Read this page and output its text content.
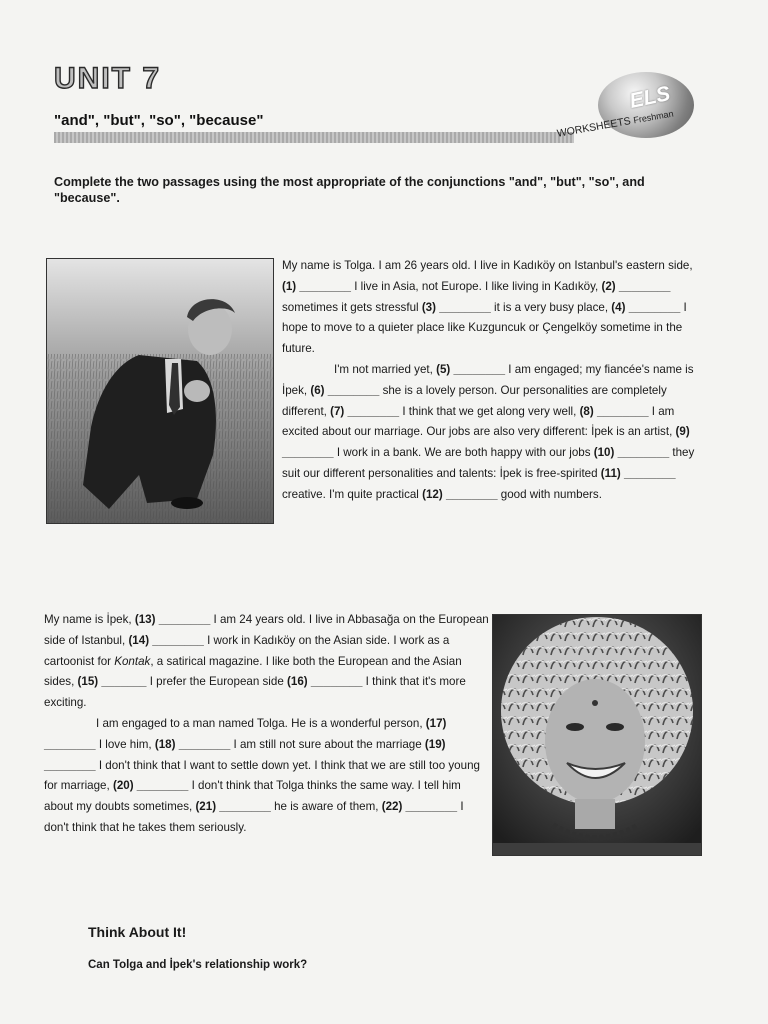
UNIT 7
"and", "but", "so", "because"
ELS
WORKSHEETS Freshman
Complete the two passages using the most appropriate of the conjunctions "and", "but", "so", and "because".

My name is Tolga. I am 26 years old. I live in Kadıköy on Istanbul's eastern side, (1) ________ I live in Asia, not Europe. I like living in Kadıköy, (2) ________ sometimes it gets stressful (3) ________ it is a very busy place, (4) ________ I hope to move to a quieter place like Kuzguncuk or Çengelköy sometime in the future.

I'm not married yet, (5) ________ I am engaged; my fiancée's name is İpek, (6) ________ she is a lovely person. Our personalities are completely different, (7) ________ I think that we get along very well, (8) ________ I am excited about our marriage. Our jobs are also very different: İpek is an artist, (9) ________ I work in a bank. We are both happy with our jobs (10) ________ they suit our different personalities and talents: İpek is free-spirited (11) ________ creative. I'm quite practical (12) ________ good with numbers.

My name is İpek, (13) ________ I am 24 years old. I live in Abbasağa on the European side of Istanbul, (14) ________ I work in Kadıköy on the Asian side. I work as a cartoonist for Kontak, a satirical magazine. I like both the European and the Asian sides, (15) _______ I prefer the European side (16) ________ I think that it's more exciting.

I am engaged to a man named Tolga. He is a wonderful person, (17) ________ I love him, (18) ________ I am still not sure about the marriage (19) ________ I don't think that I want to settle down yet. I think that we are still too young for marriage, (20) ________ I don't think that Tolga thinks the same way. I tell him about my doubts sometimes, (21) ________ he is aware of them, (22) ________ I don't think that he takes them seriously.

Think About It!
Can Tolga and İpek's relationship work?
